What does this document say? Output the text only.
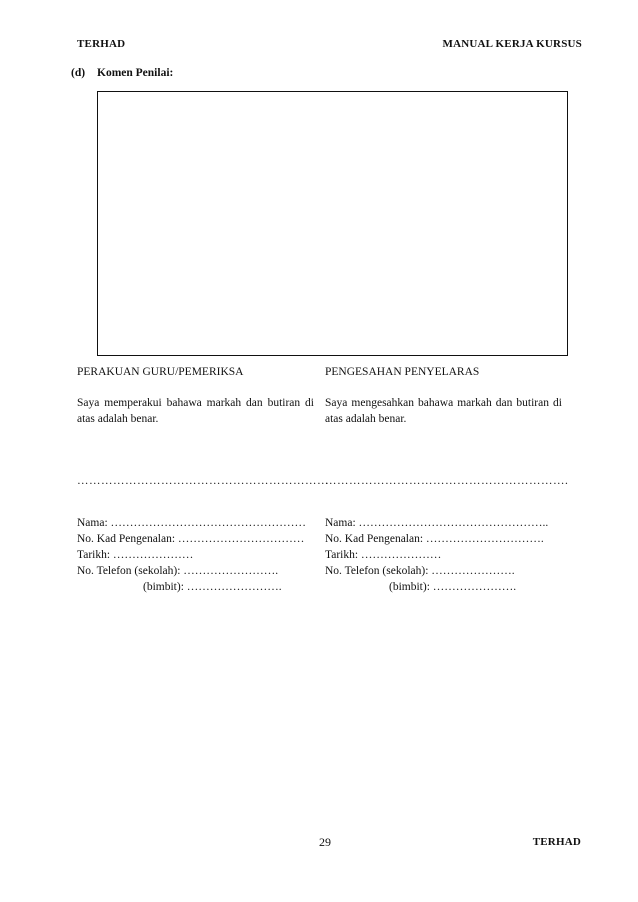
TERHAD	MANUAL KERJA KURSUS
(d) Komen Penilai:
PERAKUAN GURU/PEMERIKSA
Saya memperakui bahawa markah dan butiran di atas adalah benar.
………………………………………………………
Nama: ……………………………………………
No. Kad Pengenalan: ……………………………
Tarikh: …………………
No. Telefon (sekolah): …………………….
(bimbit): …………………….
PENGESAHAN PENYELARAS
Saya mengesahkan bahawa markah dan butiran di atas adalah benar.
…………………………………………………….
Nama: …………………………………………..
No. Kad Pengenalan: ………………………….
Tarikh: …………………
No. Telefon (sekolah): ………………….
(bimbit): ………………….
29	TERHAD
